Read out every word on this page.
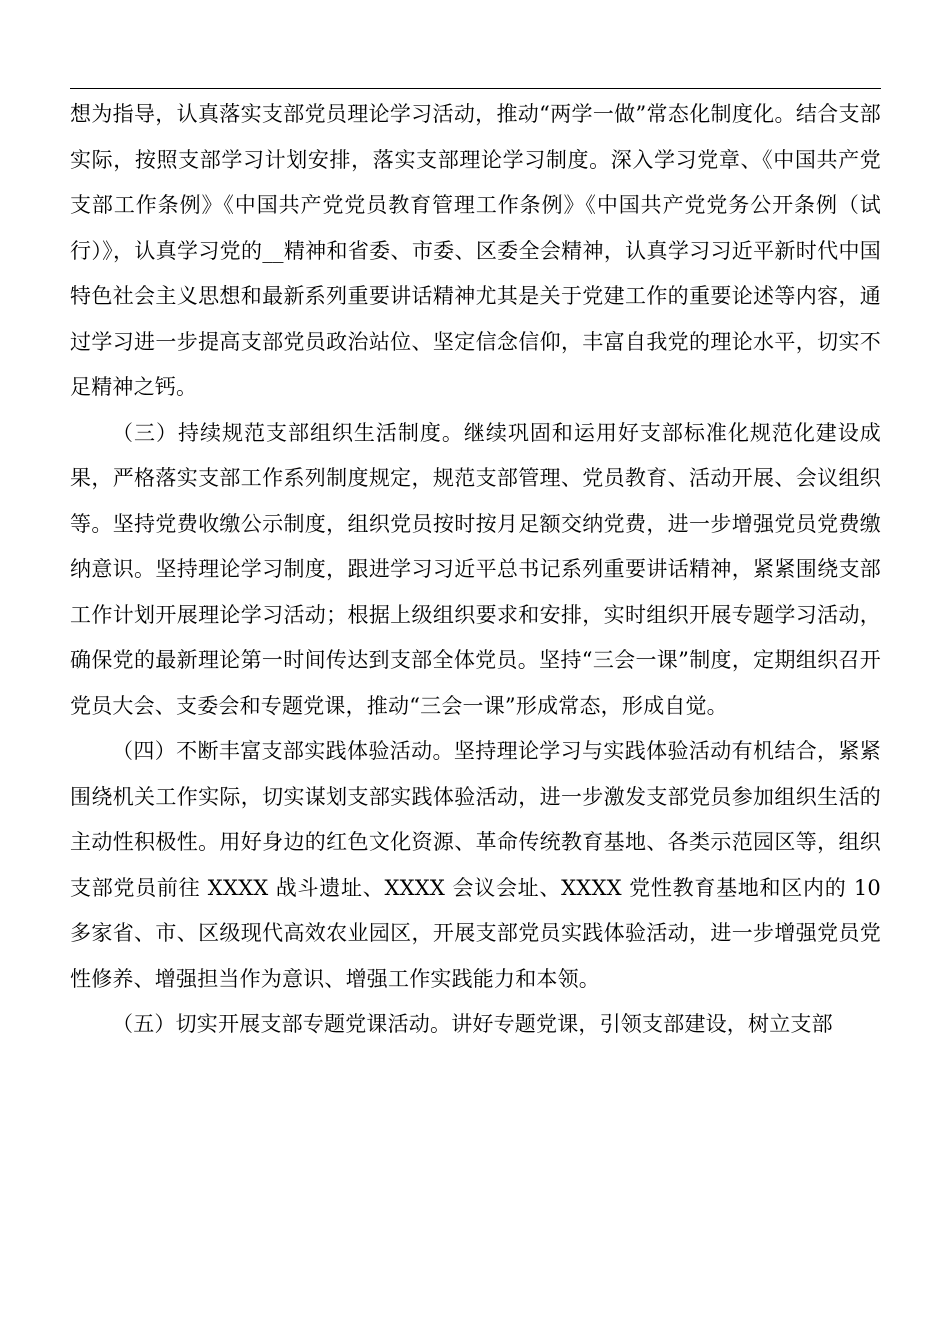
想为指导，认真落实支部党员理论学习活动，推动“两学一做”常态化制度化。结合支部实际，按照支部学习计划安排，落实支部理论学习制度。深入学习党章、《中国共产党支部工作条例》《中国共产党党员教育管理工作条例》《中国共产党党务公开条例（试行）》，认真学习党的__精神和省委、市委、区委全会精神，认真学习习近平新时代中国特色社会主义思想和最新系列重要讲话精神尤其是关于党建工作的重要论述等内容，通过学习进一步提高支部党员政治站位、坚定信念信仰，丰富自我党的理论水平，切实不足精神之钙。

（三）持续规范支部组织生活制度。继续巩固和运用好支部标准化规范化建设成果，严格落实支部工作系列制度规定，规范支部管理、党员教育、活动开展、会议组织等。坚持党费收缴公示制度，组织党员按时按月足额交纳党费，进一步增强党员党费缴纳意识。坚持理论学习制度，跟进学习习近平总书记系列重要讲话精神，紧紧围绕支部工作计划开展理论学习活动；根据上级组织要求和安排，实时组织开展专题学习活动，确保党的最新理论第一时间传达到支部全体党员。坚持“三会一课”制度，定期组织召开党员大会、支委会和专题党课，推动“三会一课”形成常态，形成自觉。

（四）不断丰富支部实践体验活动。坚持理论学习与实践体验活动有机结合，紧紧围绕机关工作实际，切实谋划支部实践体验活动，进一步激发支部党员参加组织生活的主动性积极性。用好身边的红色文化资源、革命传统教育基地、各类示范园区等，组织支部党员前往 XXXX 战斗遗址、XXXX 会议会址、XXXX 党性教育基地和区内的 10 多家省、市、区级现代高效农业园区，开展支部党员实践体验活动，进一步增强党员党性修养、增强担当作为意识、增强工作实践能力和本领。

（五）切实开展支部专题党课活动。讲好专题党课，引领支部建设，树立支部
